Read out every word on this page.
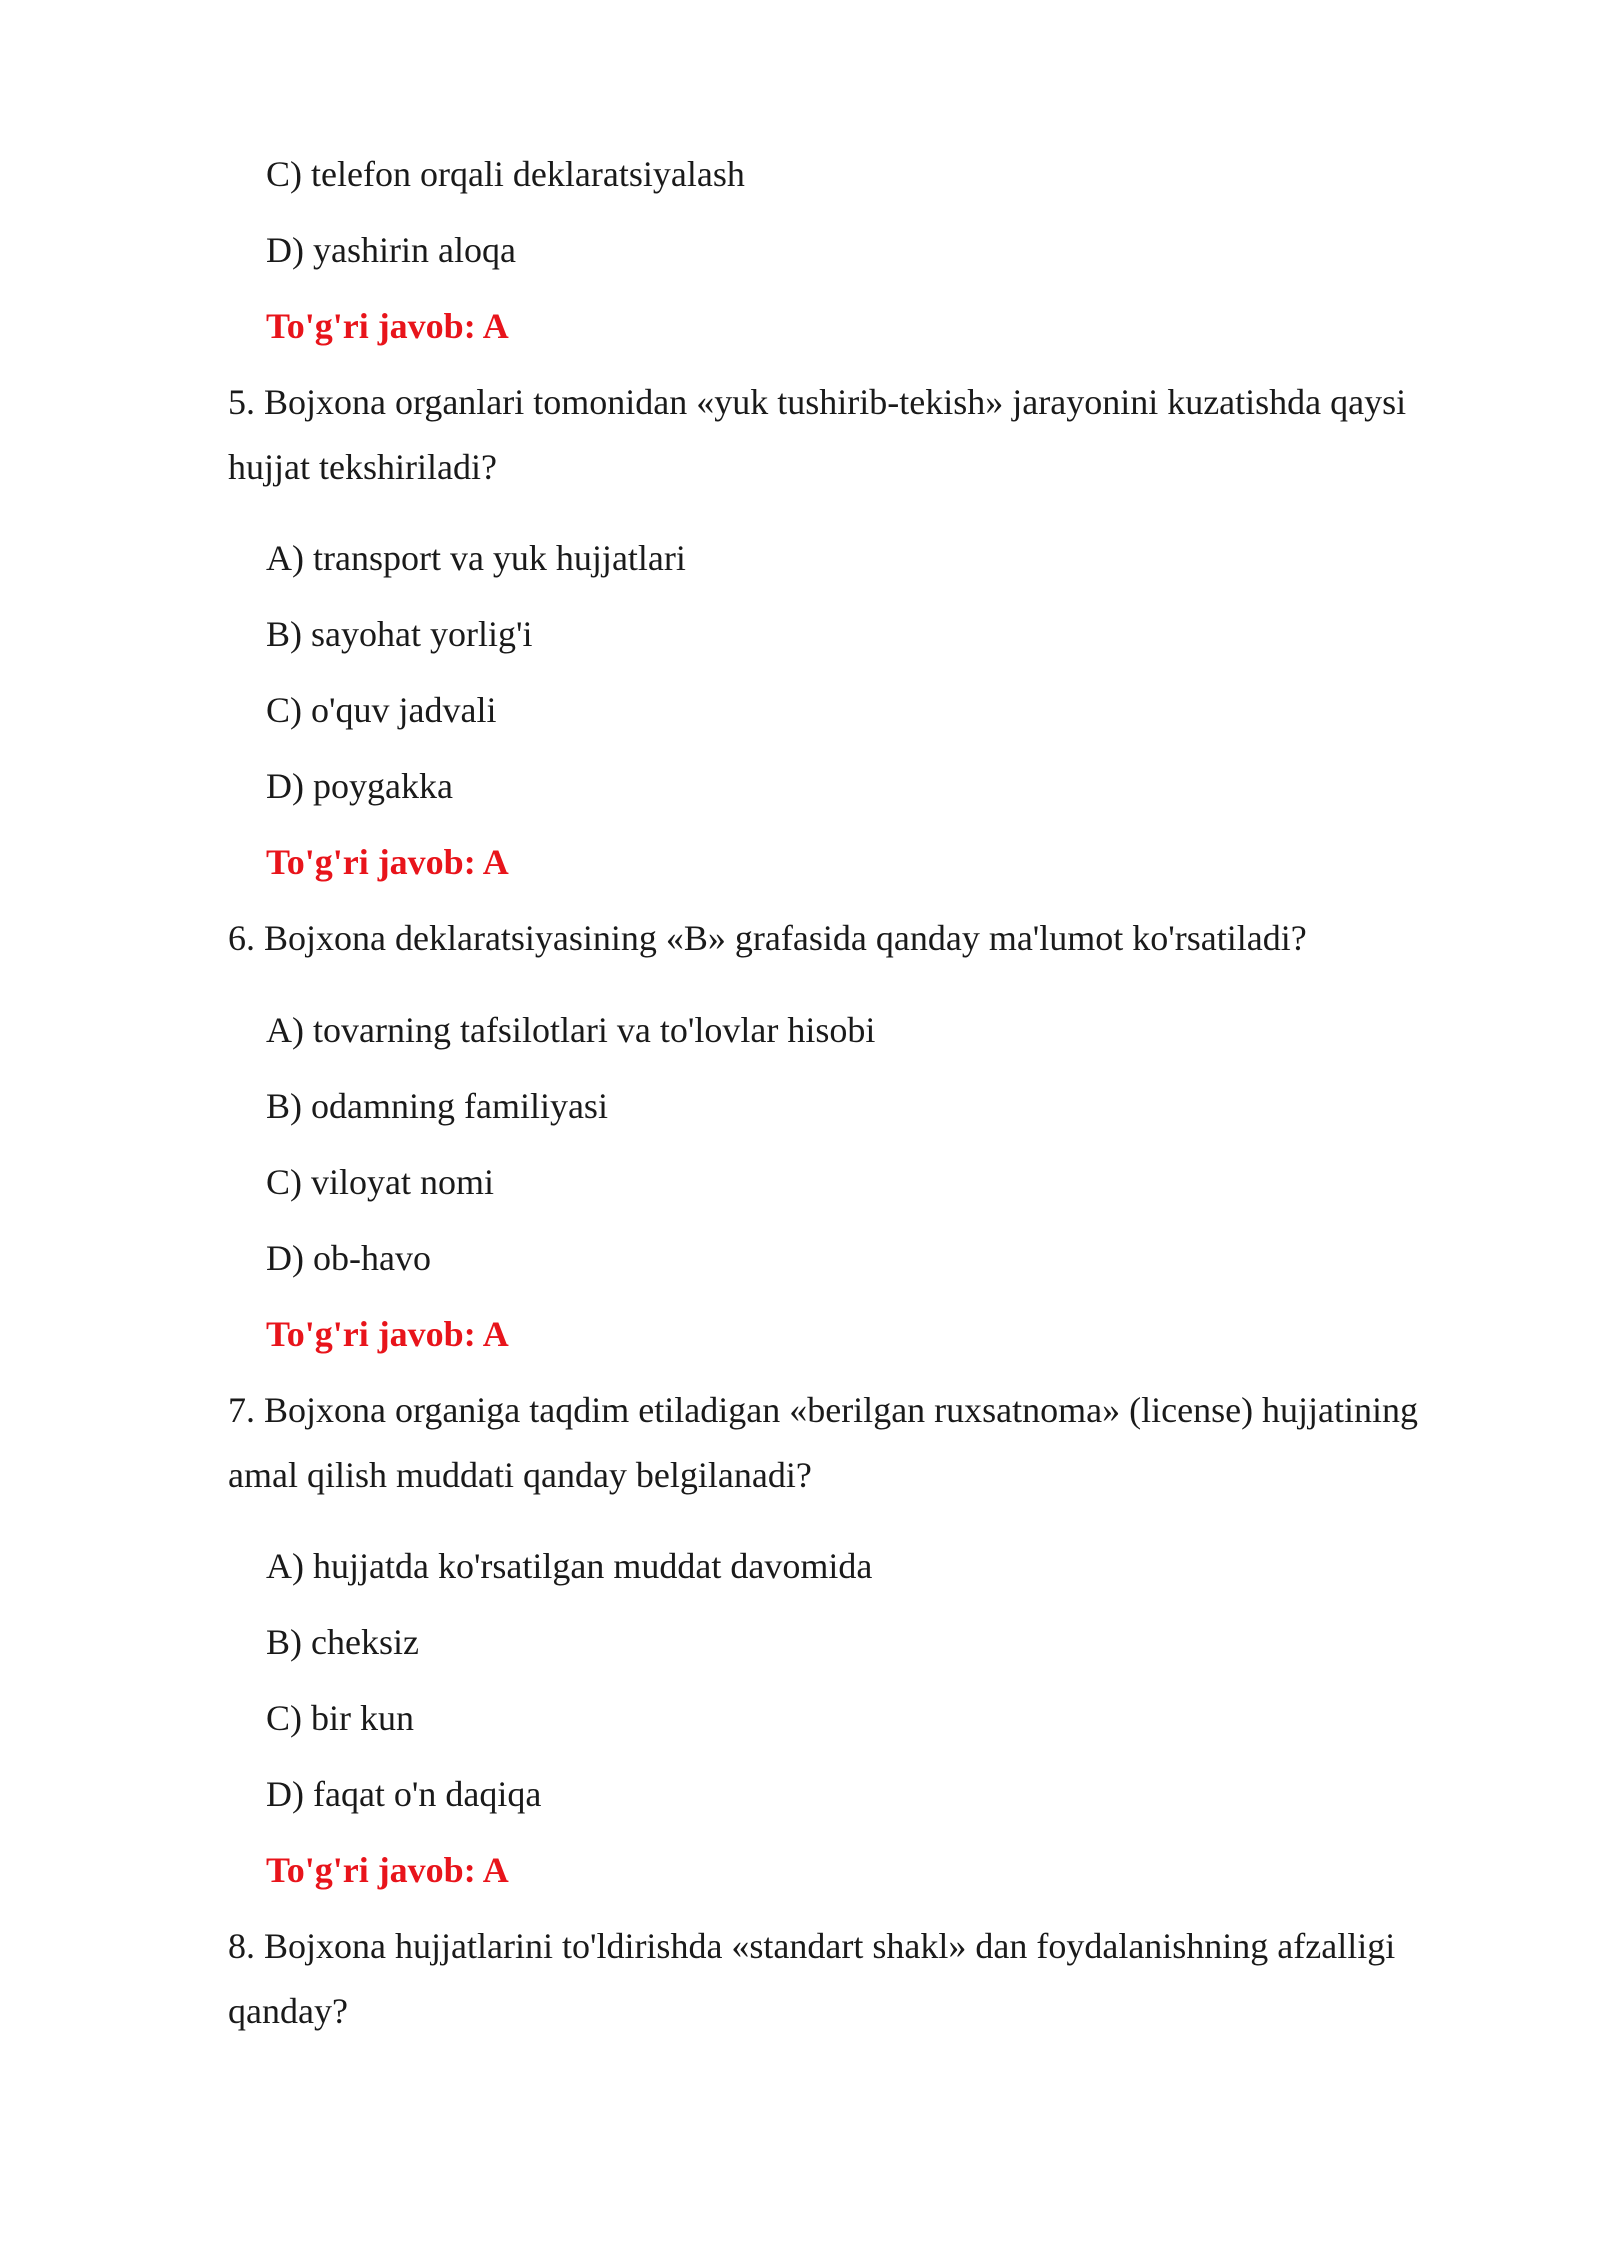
C) telefon orqali deklaratsiyalash
D) yashirin aloqa
To'g'ri javob: A
5. Bojxona organlari tomonidan «yuk tushirib-tekish» jarayonini kuzatishda qaysi
hujjat tekshiriladi?
A) transport va yuk hujjatlari
B) sayohat yorlig'i
C) o'quv jadvali
D) poygakka
To'g'ri javob: A
6. Bojxona deklaratsiyasining «B» grafasida qanday ma'lumot ko'rsatiladi?
A) tovarning tafsilotlari va to'lovlar hisobi
B) odamning familiyasi
C) viloyat nomi
D) ob-havo
To'g'ri javob: A
7. Bojxona organiga taqdim etiladigan «berilgan ruxsatnoma» (license) hujjatining
amal qilish muddati qanday belgilanadi?
A) hujjatda ko'rsatilgan muddat davomida
B) cheksiz
C) bir kun
D) faqat o'n daqiqa
To'g'ri javob: A
8. Bojxona hujjatlarini to'ldirishda «standart shakl» dan foydalanishning afzalligi
qanday?
